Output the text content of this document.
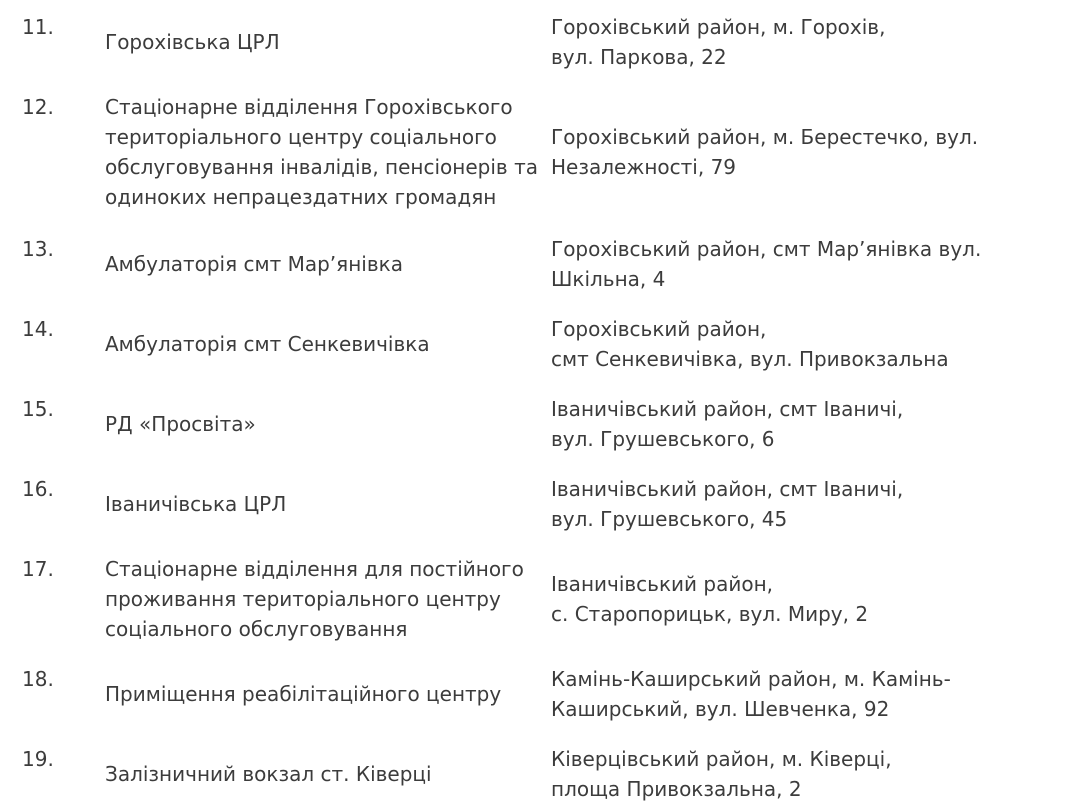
11.
Горохівська ЦРЛ
Горохівський район, м. Горохів,
вул. Паркова, 22
12.	Стаціонарне відділення Горохівського
територіального центру соціального
обслуговування інвалідів, пенсіонерів та
одиноких непрацездатних громадян
Горохівський район, м. Берестечко, вул.
Незалежності, 79
13.
Амбулаторія смт Мар’янівка
Горохівський район, смт Мар’янівка вул.
Шкільна, 4
14.
Амбулаторія смт Сенкевичівка
Горохівський район,
смт Сенкевичівка, вул. Привокзальна
15.
РД «Просвіта»
Іваничівський район, смт Іваничі,
вул. Грушевського, 6
16.
Іваничівська ЦРЛ
Іваничівський район, смт Іваничі,
вул. Грушевського, 45
17.	Стаціонарне відділення для постійного
проживання територіального центру
соціального обслуговування
Іваничівський район,
с. Старопорицьк, вул. Миру, 2
18.
Приміщення реабілітаційного центру
Камінь-Каширський район, м. Камінь-
Каширський, вул. Шевченка, 92
19.
Залізничний вокзал ст. Ківерці
Ківерцівський район, м. Ківерці,
площа Привокзальна, 2
